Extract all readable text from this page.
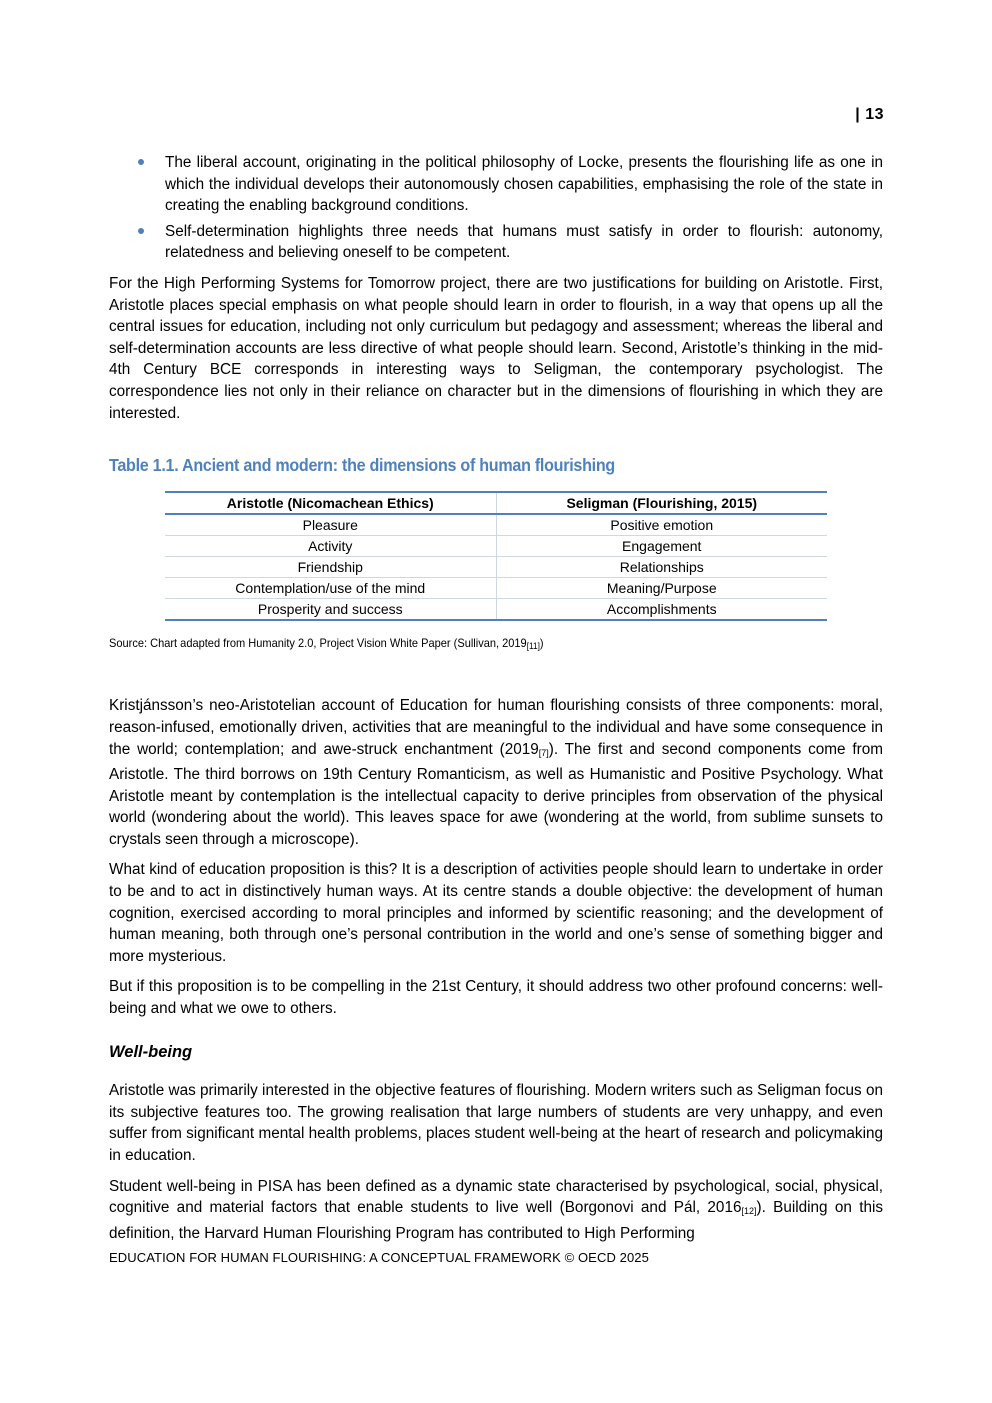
| 13
The liberal account, originating in the political philosophy of Locke, presents the flourishing life as one in which the individual develops their autonomously chosen capabilities, emphasising the role of the state in creating the enabling background conditions.
Self-determination highlights three needs that humans must satisfy in order to flourish: autonomy, relatedness and believing oneself to be competent.

For the High Performing Systems for Tomorrow project, there are two justifications for building on Aristotle. First, Aristotle places special emphasis on what people should learn in order to flourish, in a way that opens up all the central issues for education, including not only curriculum but pedagogy and assessment; whereas the liberal and self-determination accounts are less directive of what people should learn. Second, Aristotle’s thinking in the mid-4th Century BCE corresponds in interesting ways to Seligman, the contemporary psychologist. The correspondence lies not only in their reliance on character but in the dimensions of flourishing in which they are interested.

Table 1.1. Ancient and modern: the dimensions of human flourishing
Aristotle (Nicomachean Ethics)	Seligman (Flourishing, 2015)
Pleasure	Positive emotion
Activity	Engagement
Friendship	Relationships
Contemplation/use of the mind	Meaning/Purpose
Prosperity and success	Accomplishments
Source: Chart adapted from Humanity 2.0, Project Vision White Paper (Sullivan, $2019_{[11]}$)

Kristjánsson’s neo-Aristotelian account of Education for human flourishing consists of three components: moral, reason-infused, emotionally driven, activities that are meaningful to the individual and have some consequence in the world; contemplation; and awe-struck enchantment $(2019_{[7]})$. The first and second components come from Aristotle. The third borrows on 19th Century Romanticism, as well as Humanistic and Positive Psychology. What Aristotle meant by contemplation is the intellectual capacity to derive principles from observation of the physical world (wondering about the world). This leaves space for awe (wondering at the world, from sublime sunsets to crystals seen through a microscope).

What kind of education proposition is this? It is a description of activities people should learn to undertake in order to be and to act in distinctively human ways. At its centre stands a double objective: the development of human cognition, exercised according to moral principles and informed by scientific reasoning; and the development of human meaning, both through one’s personal contribution in the world and one’s sense of something bigger and more mysterious.

But if this proposition is to be compelling in the 21st Century, it should address two other profound concerns: well-being and what we owe to others.

Well-being

Aristotle was primarily interested in the objective features of flourishing. Modern writers such as Seligman focus on its subjective features too. The growing realisation that large numbers of students are very unhappy, and even suffer from significant mental health problems, places student well-being at the heart of research and policymaking in education.

Student well-being in PISA has been defined as a dynamic state characterised by psychological, social, physical, cognitive and material factors that enable students to live well (Borgonovi and Pál, $2016_{[12]}$). Building on this definition, the Harvard Human Flourishing Program has contributed to High Performing

EDUCATION FOR HUMAN FLOURISHING: A CONCEPTUAL FRAMEWORK © OECD 2025
